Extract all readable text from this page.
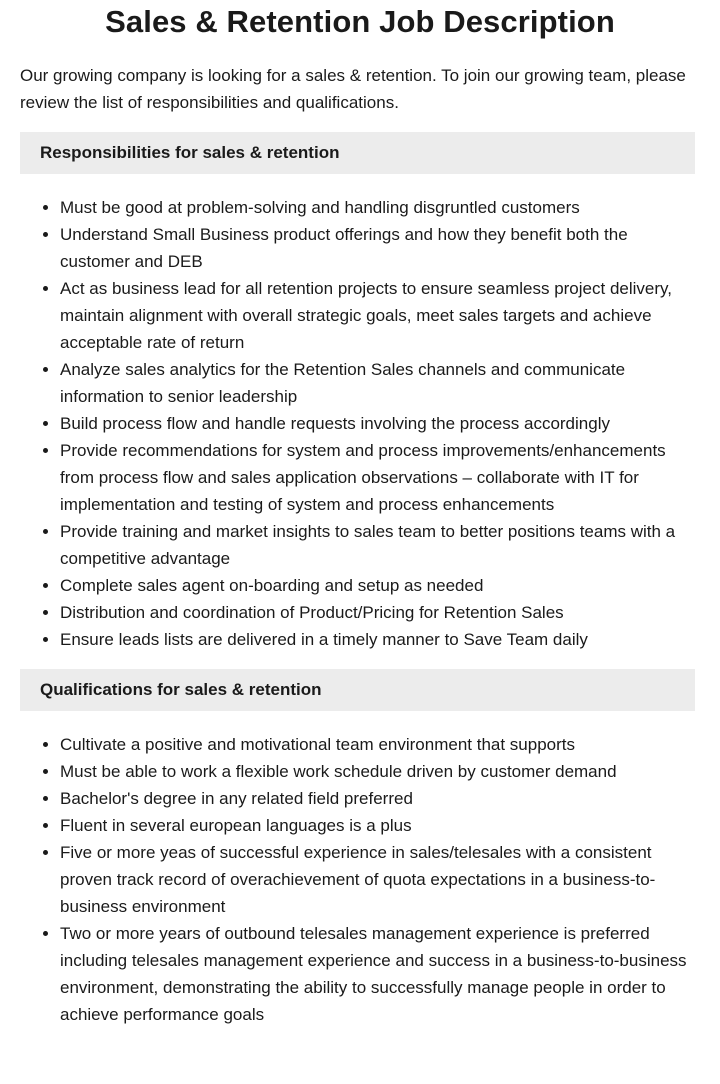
Sales & Retention Job Description

Our growing company is looking for a sales & retention. To join our growing team, please review the list of responsibilities and qualifications.

Responsibilities for sales & retention
• Must be good at problem-solving and handling disgruntled customers
• Understand Small Business product offerings and how they benefit both the customer and DEB
• Act as business lead for all retention projects to ensure seamless project delivery, maintain alignment with overall strategic goals, meet sales targets and achieve acceptable rate of return
• Analyze sales analytics for the Retention Sales channels and communicate information to senior leadership
• Build process flow and handle requests involving the process accordingly
• Provide recommendations for system and process improvements/enhancements from process flow and sales application observations – collaborate with IT for implementation and testing of system and process enhancements
• Provide training and market insights to sales team to better positions teams with a competitive advantage
• Complete sales agent on-boarding and setup as needed
• Distribution and coordination of Product/Pricing for Retention Sales
• Ensure leads lists are delivered in a timely manner to Save Team daily
Qualifications for sales & retention
• Cultivate a positive and motivational team environment that supports
• Must be able to work a flexible work schedule driven by customer demand
• Bachelor's degree in any related field preferred
• Fluent in several european languages is a plus
• Five or more yeas of successful experience in sales/telesales with a consistent proven track record of overachievement of quota expectations in a business-to-business environment
• Two or more years of outbound telesales management experience is preferred including telesales management experience and success in a business-to-business environment, demonstrating the ability to successfully manage people in order to achieve performance goals
